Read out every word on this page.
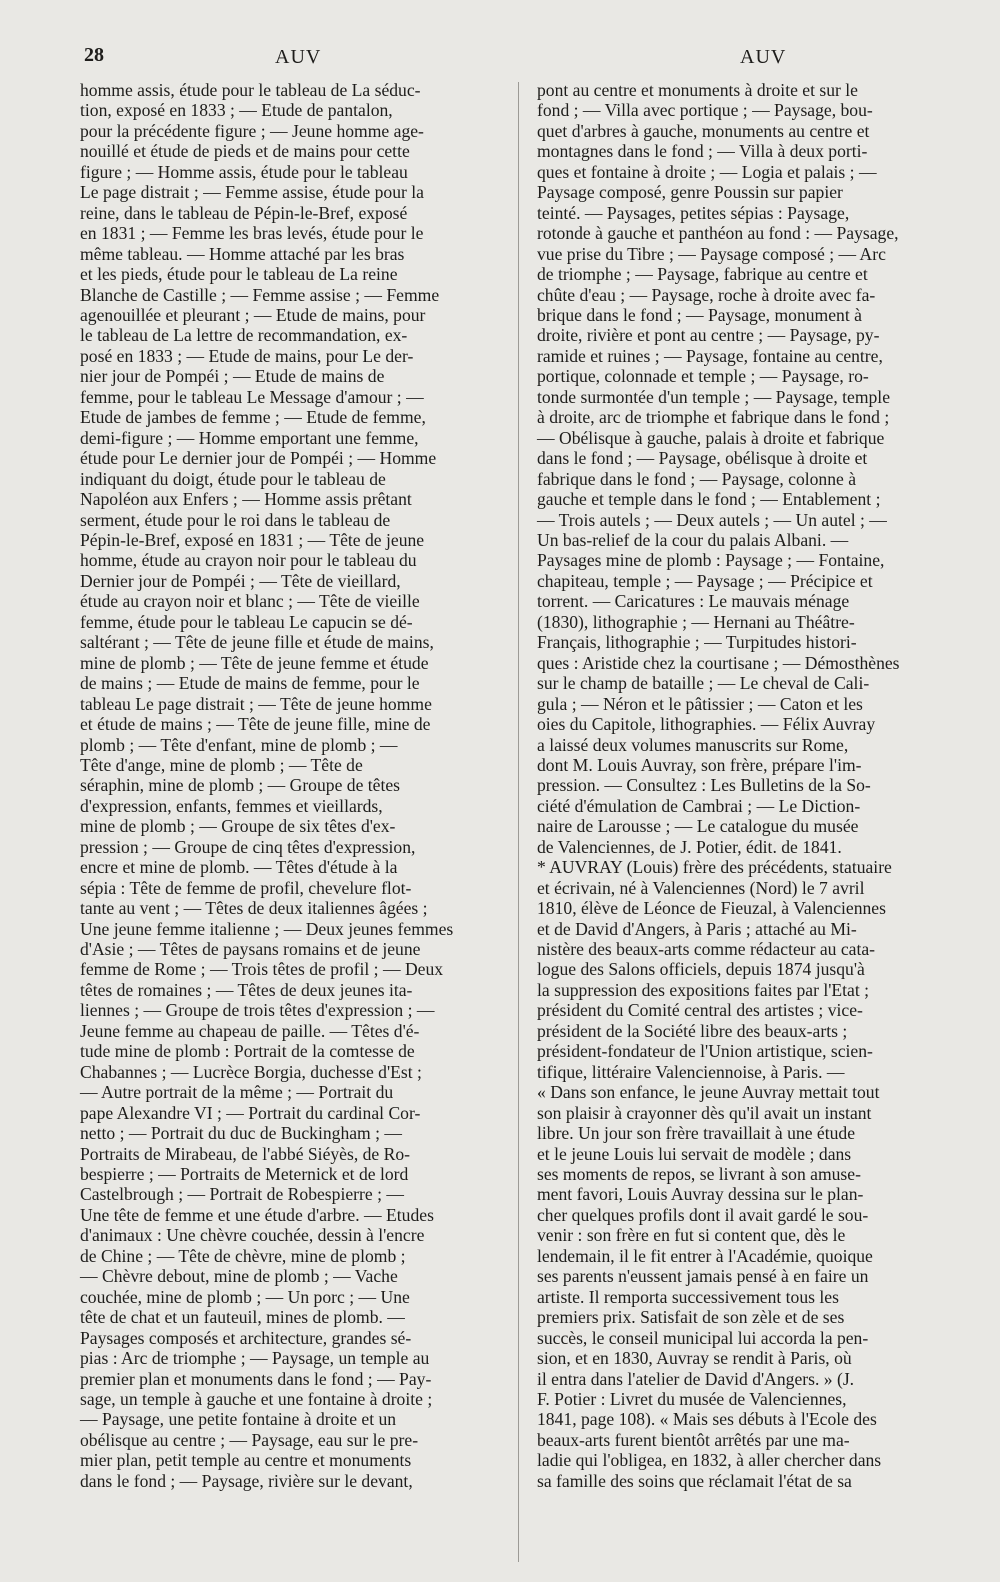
28	AUV	AUV
homme assis, étude pour le tableau de La séduc-
tion, exposé en 1833 ; — Etude de pantalon,
pour la précédente figure ; — Jeune homme age-
nouillé et étude de pieds et de mains pour cette
figure ; — Homme assis, étude pour le tableau
Le page distrait ; — Femme assise, étude pour la
reine, dans le tableau de Pépin-le-Bref, exposé
en 1831 ; — Femme les bras levés, étude pour le
même tableau. — Homme attaché par les bras
et les pieds, étude pour le tableau de La reine
Blanche de Castille ; — Femme assise ; — Femme
agenouillée et pleurant ; — Etude de mains, pour
le tableau de La lettre de recommandation, ex-
posé en 1833 ; — Etude de mains, pour Le der-
nier jour de Pompéi ; — Etude de mains de
femme, pour le tableau Le Message d'amour ; —
Etude de jambes de femme ; — Etude de femme,
demi-figure ; — Homme emportant une femme,
étude pour Le dernier jour de Pompéi ; — Homme
indiquant du doigt, étude pour le tableau de
Napoléon aux Enfers ; — Homme assis prêtant
serment, étude pour le roi dans le tableau de
Pépin-le-Bref, exposé en 1831 ; — Tête de jeune
homme, étude au crayon noir pour le tableau du
Dernier jour de Pompéi ; — Tête de vieillard,
étude au crayon noir et blanc ; — Tête de vieille
femme, étude pour le tableau Le capucin se dé-
saltérant ; — Tête de jeune fille et étude de mains,
mine de plomb ; — Tête de jeune femme et étude
de mains ; — Etude de mains de femme, pour le
tableau Le page distrait ; — Tête de jeune homme
et étude de mains ; — Tête de jeune fille, mine de
plomb ; — Tête d'enfant, mine de plomb ; —
Tête d'ange, mine de plomb ; — Tête de
séraphin, mine de plomb ; — Groupe de têtes
d'expression, enfants, femmes et vieillards,
mine de plomb ; — Groupe de six têtes d'ex-
pression ; — Groupe de cinq têtes d'expression,
encre et mine de plomb. — Têtes d'étude à la
sépia : Tête de femme de profil, chevelure flot-
tante au vent ; — Têtes de deux italiennes âgées ;
Une jeune femme italienne ; — Deux jeunes femmes
d'Asie ; — Têtes de paysans romains et de jeune
femme de Rome ; — Trois têtes de profil ; — Deux
têtes de romaines ; — Têtes de deux jeunes ita-
liennes ; — Groupe de trois têtes d'expression ; —
Jeune femme au chapeau de paille. — Têtes d'é-
tude mine de plomb : Portrait de la comtesse de
Chabannes ; — Lucrèce Borgia, duchesse d'Est ;
— Autre portrait de la même ; — Portrait du
pape Alexandre VI ; — Portrait du cardinal Cor-
netto ; — Portrait du duc de Buckingham ; —
Portraits de Mirabeau, de l'abbé Siéyès, de Ro-
bespierre ; — Portraits de Meternick et de lord
Castelbrough ; — Portrait de Robespierre ; —
Une tête de femme et une étude d'arbre. — Etudes
d'animaux : Une chèvre couchée, dessin à l'encre
de Chine ; — Tête de chèvre, mine de plomb ;
— Chèvre debout, mine de plomb ; — Vache
couchée, mine de plomb ; — Un porc ; — Une
tête de chat et un fauteuil, mines de plomb. —
Paysages composés et architecture, grandes sé-
pias : Arc de triomphe ; — Paysage, un temple au
premier plan et monuments dans le fond ; — Pay-
sage, un temple à gauche et une fontaine à droite ;
— Paysage, une petite fontaine à droite et un
obélisque au centre ; — Paysage, eau sur le pre-
mier plan, petit temple au centre et monuments
dans le fond ; — Paysage, rivière sur le devant,
pont au centre et monuments à droite et sur le
fond ; — Villa avec portique ; — Paysage, bou-
quet d'arbres à gauche, monuments au centre et
montagnes dans le fond ; — Villa à deux porti-
ques et fontaine à droite ; — Logia et palais ; —
Paysage composé, genre Poussin sur papier
teinté. — Paysages, petites sépias : Paysage,
rotonde à gauche et panthéon au fond : — Paysage,
vue prise du Tibre ; — Paysage composé ; — Arc
de triomphe ; — Paysage, fabrique au centre et
chûte d'eau ; — Paysage, roche à droite avec fa-
brique dans le fond ; — Paysage, monument à
droite, rivière et pont au centre ; — Paysage, py-
ramide et ruines ; — Paysage, fontaine au centre,
portique, colonnade et temple ; — Paysage, ro-
tonde surmontée d'un temple ; — Paysage, temple
à droite, arc de triomphe et fabrique dans le fond ;
— Obélisque à gauche, palais à droite et fabrique
dans le fond ; — Paysage, obélisque à droite et
fabrique dans le fond ; — Paysage, colonne à
gauche et temple dans le fond ; — Entablement ;
— Trois autels ; — Deux autels ; — Un autel ; —
Un bas-relief de la cour du palais Albani. —
Paysages mine de plomb : Paysage ; — Fontaine,
chapiteau, temple ; — Paysage ; — Précipice et
torrent. — Caricatures : Le mauvais ménage
(1830), lithographie ; — Hernani au Théâtre-
Français, lithographie ; — Turpitudes histori-
ques : Aristide chez la courtisane ; — Démosthènes
sur le champ de bataille ; — Le cheval de Cali-
gula ; — Néron et le pâtissier ; — Caton et les
oies du Capitole, lithographies. — Félix Auvray
a laissé deux volumes manuscrits sur Rome,
dont M. Louis Auvray, son frère, prépare l'im-
pression. — Consultez : Les Bulletins de la So-
ciété d'émulation de Cambrai ; — Le Diction-
naire de Larousse ; — Le catalogue du musée
de Valenciennes, de J. Potier, édit. de 1841.
* AUVRAY (Louis) frère des précédents, statuaire
et écrivain, né à Valenciennes (Nord) le 7 avril
1810, élève de Léonce de Fieuzal, à Valenciennes
et de David d'Angers, à Paris ; attaché au Mi-
nistère des beaux-arts comme rédacteur au cata-
logue des Salons officiels, depuis 1874 jusqu'à
la suppression des expositions faites par l'Etat ;
président du Comité central des artistes ; vice-
président de la Société libre des beaux-arts ;
président-fondateur de l'Union artistique, scien-
tifique, littéraire Valenciennoise, à Paris. —
« Dans son enfance, le jeune Auvray mettait tout
son plaisir à crayonner dès qu'il avait un instant
libre. Un jour son frère travaillait à une étude
et le jeune Louis lui servait de modèle ; dans
ses moments de repos, se livrant à son amuse-
ment favori, Louis Auvray dessina sur le plan-
cher quelques profils dont il avait gardé le sou-
venir : son frère en fut si content que, dès le
lendemain, il le fit entrer à l'Académie, quoique
ses parents n'eussent jamais pensé à en faire un
artiste. Il remporta successivement tous les
premiers prix. Satisfait de son zèle et de ses
succès, le conseil municipal lui accorda la pen-
sion, et en 1830, Auvray se rendit à Paris, où
il entra dans l'atelier de David d'Angers. » (J.
F. Potier : Livret du musée de Valenciennes,
1841, page 108). « Mais ses débuts à l'Ecole des
beaux-arts furent bientôt arrêtés par une ma-
ladie qui l'obligea, en 1832, à aller chercher dans
sa famille des soins que réclamait l'état de sa
